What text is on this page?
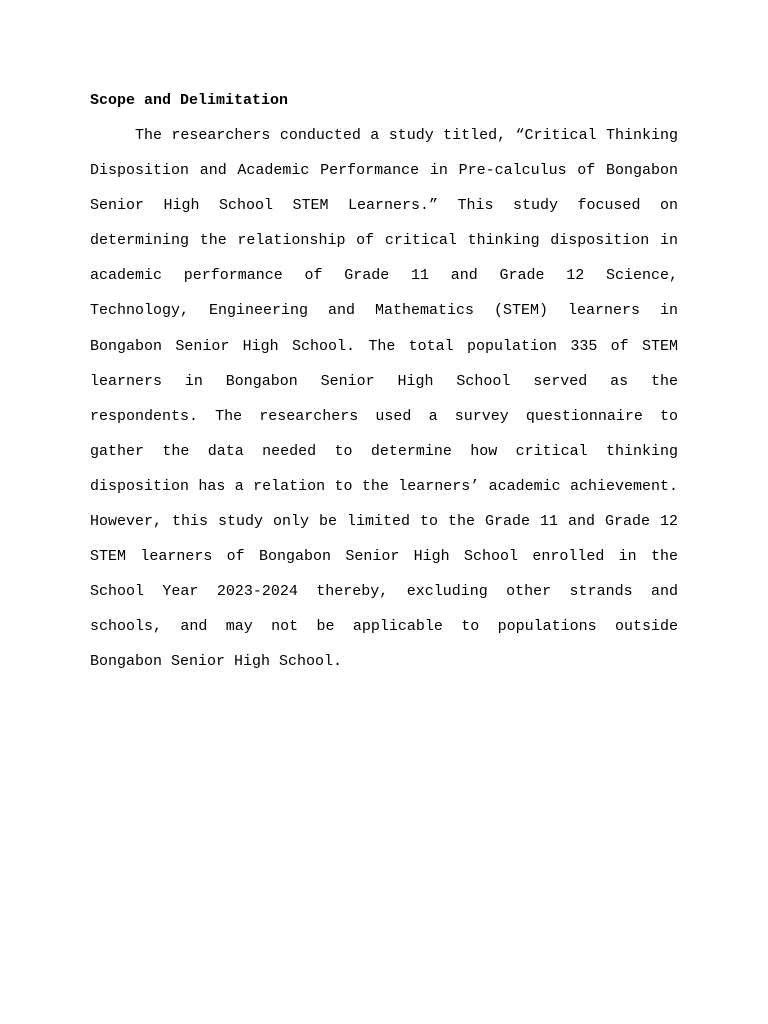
Scope and Delimitation

The researchers conducted a study titled, “Critical Thinking Disposition and Academic Performance in Pre-calculus of Bongabon Senior High School STEM Learners.” This study focused on determining the relationship of critical thinking disposition in academic performance of Grade 11 and Grade 12 Science, Technology, Engineering and Mathematics (STEM) learners in Bongabon Senior High School. The total population 335 of STEM learners in Bongabon Senior High School served as the respondents. The researchers used a survey questionnaire to gather the data needed to determine how critical thinking disposition has a relation to the learners’ academic achievement. However, this study only be limited to the Grade 11 and Grade 12 STEM learners of Bongabon Senior High School enrolled in the School Year 2023-2024 thereby, excluding other strands and schools, and may not be applicable to populations outside Bongabon Senior High School.
